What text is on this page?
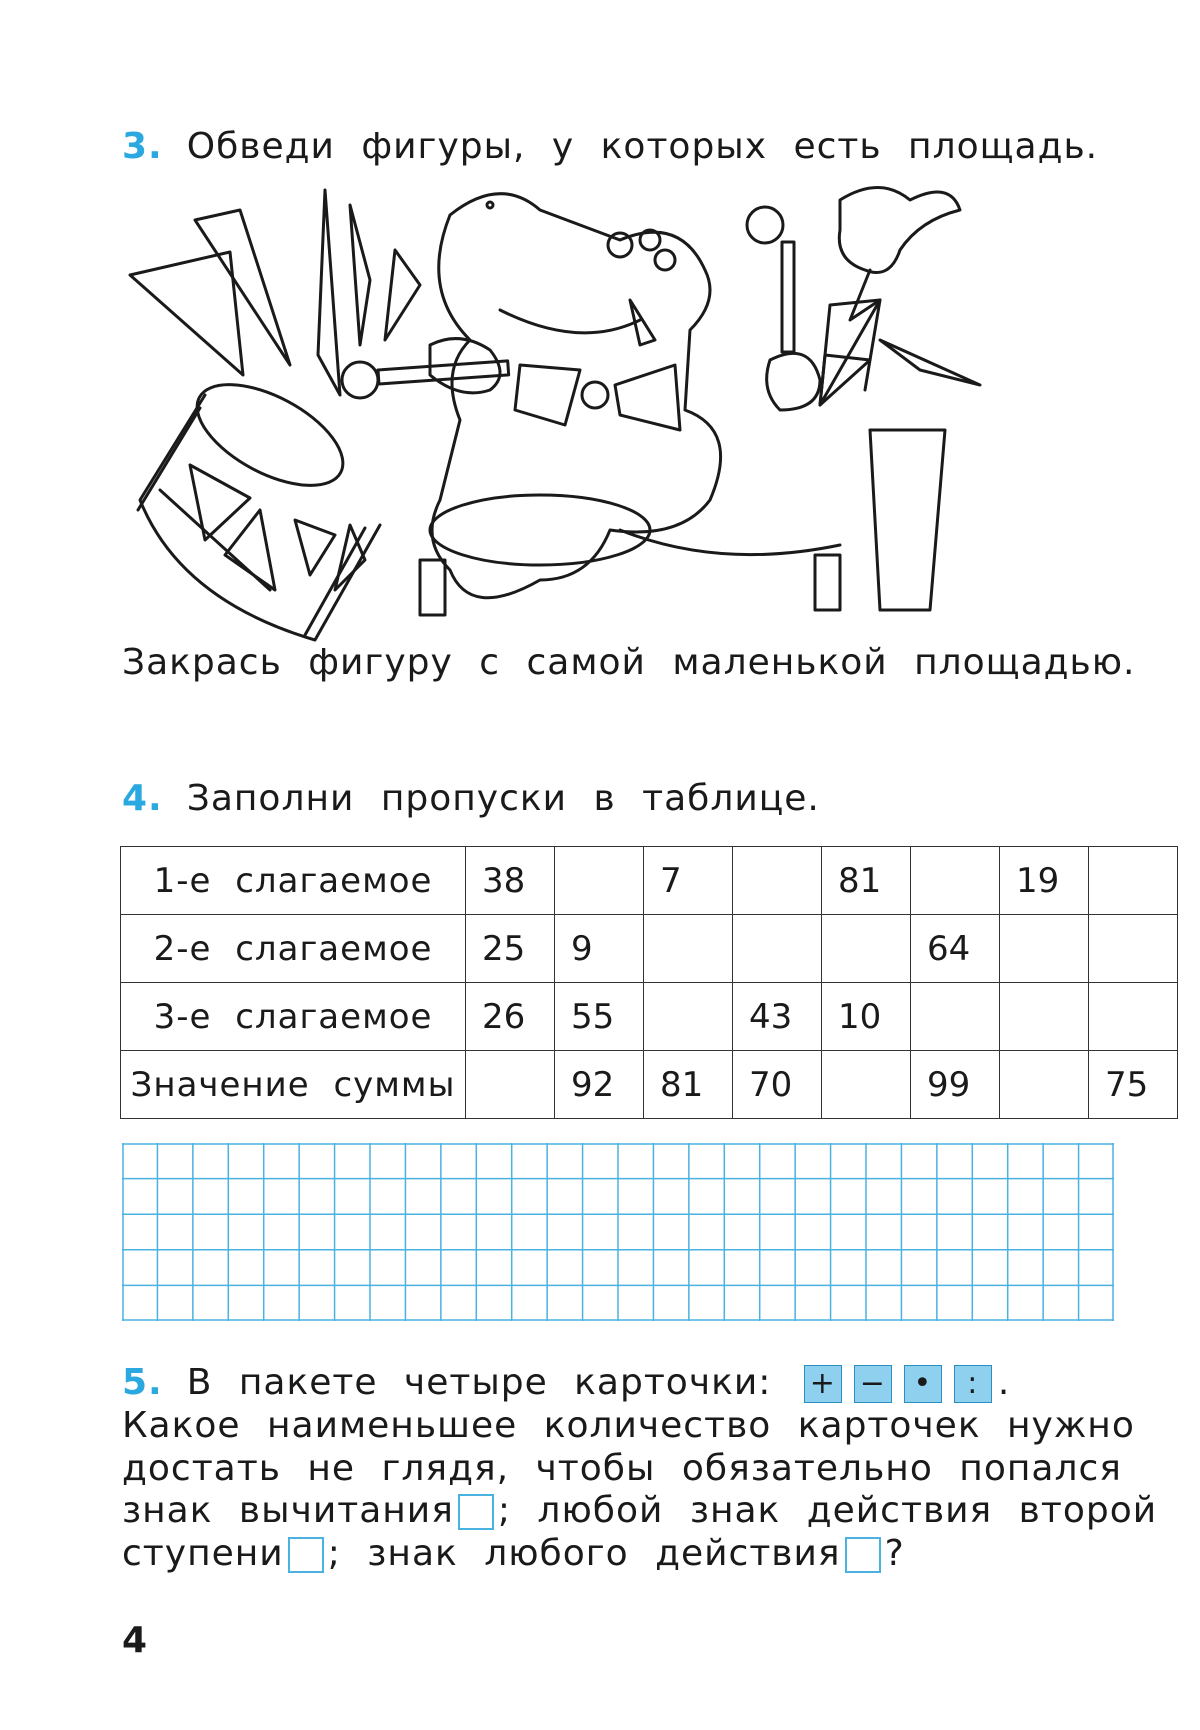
3. Обведи фигуры, у которых есть площадь.
Закрась фигуру с самой маленькой площадью.
4. Заполни пропуски в таблице.
1-е слагаемое	38		7		81		19	
2-е слагаемое	25	9				64		
3-е слагаемое	26	55		43	10			
Значение суммы		92	81	70		99		75
5. В пакете четыре карточки: + − • : .
Какое наименьшее количество карточек нужно
достать не глядя, чтобы обязательно попался
знак вычитания ; любой знак действия второй
ступени ; знак любого действия ?
4
